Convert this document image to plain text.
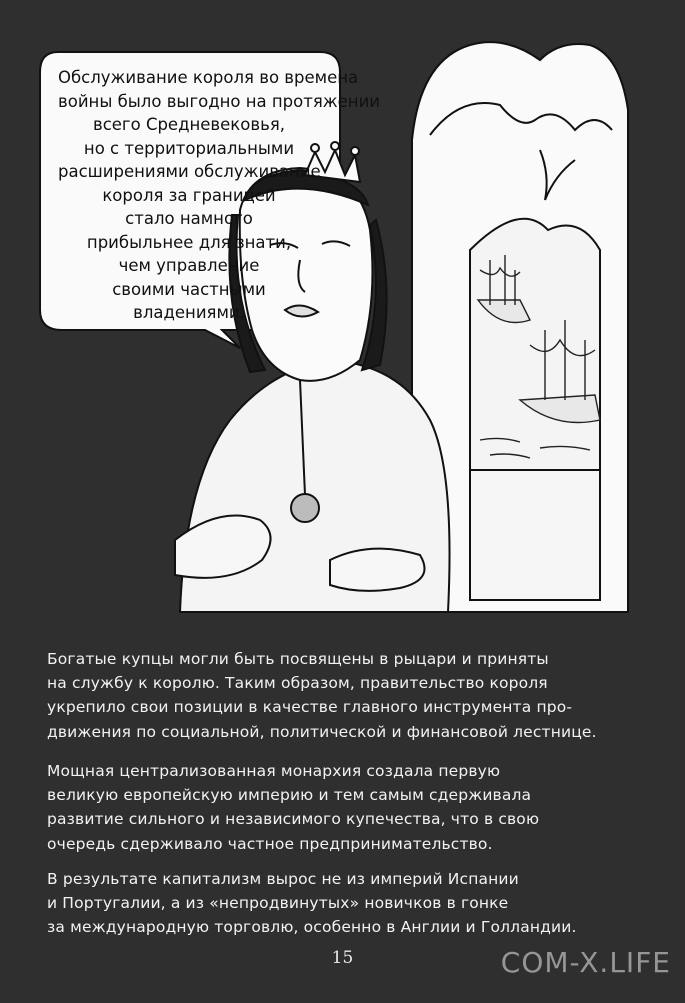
Обслуживание короля во времена
войны было выгодно на протяжении
всего Средневековья,
но с территориальными
расширениями обслуживание
короля за границей
стало намного
прибыльнее для знати,
чем управление
своими частными
владениями.
Богатые купцы могли быть посвящены в рыцари и приняты
на службу к королю. Таким образом, правительство короля
укрепило свои позиции в качестве главного инструмента про-
движения по социальной, политической и финансовой лестнице.
Мощная централизованная монархия создала первую
великую европейскую империю и тем самым сдерживала
развитие сильного и независимого купечества, что в свою
очередь сдерживало частное предпринимательство.
В результате капитализм вырос не из империй Испании
и Португалии, а из «непродвинутых» новичков в гонке
за международную торговлю, особенно в Англии и Голландии.
15	COM-X.LIFE
